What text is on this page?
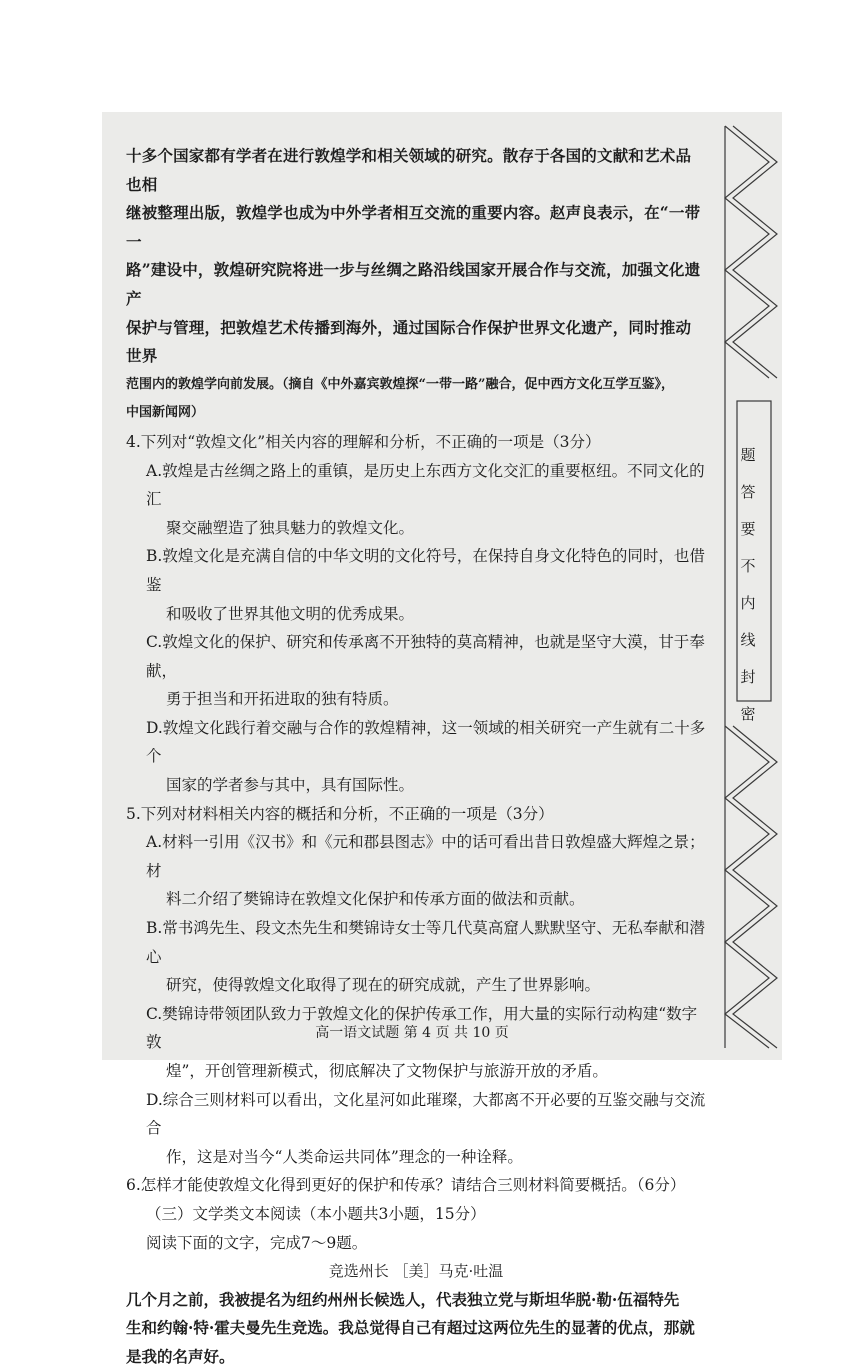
十多个国家都有学者在进行敦煌学和相关领域的研究。散存于各国的文献和艺术品也相

继被整理出版，敦煌学也成为中外学者相互交流的重要内容。赵声良表示，在“一带一

路”建设中，敦煌研究院将进一步与丝绸之路沿线国家开展合作与交流，加强文化遗产

保护与管理，把敦煌艺术传播到海外，通过国际合作保护世界文化遗产，同时推动世界

范围内的敦煌学向前发展。（摘自《中外嘉宾敦煌探“一带一路”融合，促中西方文化互学互鉴》，

中国新闻网）

4.下列对“敦煌文化”相关内容的理解和分析，不正确的一项是（3分）

A.敦煌是古丝绸之路上的重镇，是历史上东西方文化交汇的重要枢纽。不同文化的汇

聚交融塑造了独具魅力的敦煌文化。

B.敦煌文化是充满自信的中华文明的文化符号，在保持自身文化特色的同时，也借鉴

和吸收了世界其他文明的优秀成果。

C.敦煌文化的保护、研究和传承离不开独特的莫高精神，也就是坚守大漠，甘于奉献，

勇于担当和开拓进取的独有特质。

D.敦煌文化践行着交融与合作的敦煌精神，这一领域的相关研究一产生就有二十多个

国家的学者参与其中，具有国际性。

5.下列对材料相关内容的概括和分析，不正确的一项是（3分）

A.材料一引用《汉书》和《元和郡县图志》中的话可看出昔日敦煌盛大辉煌之景；材

料二介绍了樊锦诗在敦煌文化保护和传承方面的做法和贡献。

B.常书鸿先生、段文杰先生和樊锦诗女士等几代莫高窟人默默坚守、无私奉献和潜心

研究，使得敦煌文化取得了现在的研究成就，产生了世界影响。

C.樊锦诗带领团队致力于敦煌文化的保护传承工作，用大量的实际行动构建“数字敦

煌”，开创管理新模式，彻底解决了文物保护与旅游开放的矛盾。

D.综合三则材料可以看出，文化星河如此璀璨，大都离不开必要的互鉴交融与交流合

作，这是对当今“人类命运共同体”理念的一种诠释。

6.怎样才能使敦煌文化得到更好的保护和传承？请结合三则材料简要概括。（6分）

（三）文学类文本阅读（本小题共3小题，15分）

阅读下面的文字，完成7～9题。

竞选州长 ［美］马克·吐温

几个月之前，我被提名为纽约州州长候选人，代表独立党与斯坦华脱·勒·伍福特先

生和约翰·特·霍夫曼先生竞选。我总觉得自己有超过这两位先生的显著的优点，那就

是我的名声好。

高一语文试题 第 4 页 共 10 页
题
答
要
不
内
线
封
密
